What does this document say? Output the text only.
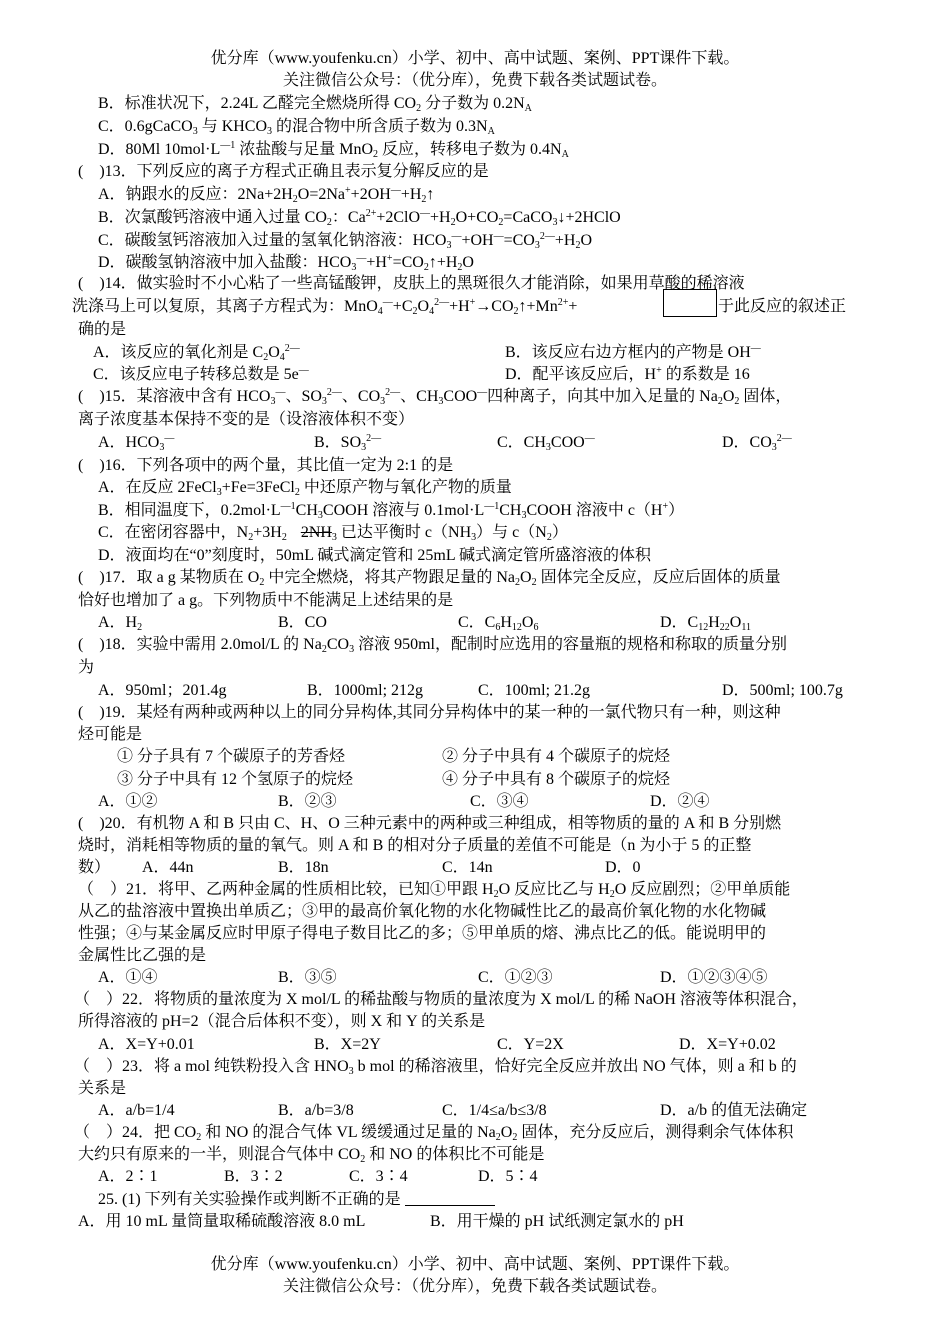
优分库（www.youfenku.cn）小学、初中、高中试题、案例、PPT课件下载。
关注微信公众号：（优分库），免费下载各类试题试卷。
B．标准状况下，2.24L 乙醛完全燃烧所得 $CO_2$ 分子数为 $0.2N_A$
C．0.6gCaCO$_3$ 与 $KHCO_3$ 的混合物中所含质子数为 $0.3N_A$
D．80Ml $10mol\cdot L^{—1}$ 浓盐酸与足量 MnO$_2$ 反应，转移电子数为 $0.4N_A$
(　)13．下列反应的离子方程式正确且表示复分解反应的是
A．钠跟水的反应：$2Na+2H_2O=2Na^++2OH^—+H_2↑$
B．次氯酸钙溶液中通入过量 $CO_2$：$Ca^{2+}+2ClO^—+H_2O+CO_2=CaCO_3↓+2HClO$
C．碳酸氢钙溶液加入过量的氢氧化钠溶液：$HCO_3^—+OH^—=CO_3^{2—}+H_2O$
D．碳酸氢钠溶液中加入盐酸：$HCO_3^—+H^+=CO_2↑+H_2O$
(　)14．做实验时不小心粘了一些高锰酸钾，皮肤上的黑斑很久才能消除，如果用草酸的稀溶液
洗涤马上可以复原，其离子方程式为：$MnO_4^—+C_2O_4^{2—}+H^+\to CO_2↑+Mn^{2+}+$	于此反应的叙述正
确的是
A．该反应的氧化剂是 $C_2O_4^{2—}$	B．该反应右边方框内的产物是 OH—
C．该反应电子转移总数是 5e—	D．配平该反应后，H+ 的系数是 16
(　)15．某溶液中含有 $HCO_3^—$、$SO_3^{2—}$、$CO_3^{2—}$、$CH_3COO^—$四种离子，向其中加入足量的 $Na_2O_2$ 固体，
离子浓度基本保持不变的是（设溶液体积不变）
A．$HCO_3^—$	B．$SO_3^{2—}$	C．$CH_3COO^—$	D．$CO_3^{2—}$
(　)16．下列各项中的两个量，其比值一定为 2:1 的是
A．在反应 2FeCl$_3$+Fe=3FeCl$_2$ 中还原产物与氧化产物的质量
B．相同温度下，$0.2mol\cdot L^{—1}CH_3COOH$ 溶液与 $0.1mol\cdot L^{—1}CH_3COOH$ 溶液中 c（H+）
C．在密闭容器中，$N_2+3H_2$ $2NH_3$ 已达平衡时 $c(NH_3)$与 $c(N_2)$
D．液面均在“0”刻度时，50mL 碱式滴定管和 25mL 碱式滴定管所盛溶液的体积
(　)17．取 a g 某物质在 $O_2$ 中完全燃烧，将其产物跟足量的 $Na_2O_2$ 固体完全反应，反应后固体的质量
恰好也增加了 a g。下列物质中不能满足上述结果的是
A．$H_2$	B．CO	C．$C_6H_{12}O_6$	D．$C_{12}H_{22}O_{11}$
(　)18．实验中需用 2.0mol/L 的 $Na_2CO_3$ 溶液 950ml，配制时应选用的容量瓶的规格和称取的质量分别
为
A．950ml；201.4g	B．1000ml; 212g	C．100ml; 21.2g	D．500ml; 100.7g
(　)19．某烃有两种或两种以上的同分异构体,其同分异构体中的某一种的一氯代物只有一种，则这种
烃可能是
① 分子具有 7 个碳原子的芳香烃	② 分子中具有 4 个碳原子的烷烃
③ 分子中具有 12 个氢原子的烷烃	④ 分子中具有 8 个碳原子的烷烃
A．①②	B．②③	C．③④	D．②④
(　)20．有机物 A 和 B 只由 C、H、O 三种元素中的两种或三种组成，相等物质的量的 A 和 B 分别燃
烧时，消耗相等物质的量的氧气。则 A 和 B 的相对分子质量的差值不可能是（n 为小于 5 的正整
数） A．44n	B．18n	C．14n	D．0
（　）21．将甲、乙两种金属的性质相比较，已知①甲跟 $H_2O$ 反应比乙与 $H_2O$ 反应剧烈；②甲单质能
从乙的盐溶液中置换出单质乙；③甲的最高价氧化物的水化物碱性比乙的最高价氧化物的水化物碱
性强；④与某金属反应时甲原子得电子数目比乙的多；⑤甲单质的熔、沸点比乙的低。能说明甲的
金属性比乙强的是
A．①④	B．③⑤	C．①②③	D．①②③④⑤
（　）22．将物质的量浓度为 X mol/L 的稀盐酸与物质的量浓度为 X mol/L 的稀 NaOH 溶液等体积混合，
所得溶液的 pH=2（混合后体积不变），则 X 和 Y 的关系是
A．X=Y+0.01	B．X=2Y	C．Y=2X	D．X=Y+0.02
（　）23．将 a mol 纯铁粉投入含 $HNO_3$ b mol 的稀溶液里，恰好完全反应并放出 NO 气体，则 a 和 b 的
关系是
A．a/b=1/4	B．a/b=3/8	C．1/4≤a/b≤3/8	D．a/b 的值无法确定
（　）24．把 $CO_2$ 和 NO 的混合气体 VL 缓缓通过足量的 $Na_2O_2$ 固体，充分反应后，测得剩余气体体积
大约只有原来的一半，则混合气体中 $CO_2$ 和 NO 的体积比不可能是
A．2∶1	B．3∶2	C．3∶4	D．5∶4
25. (1) 下列有关实验操作或判断不正确的是
A．用 10 mL 量筒量取稀硫酸溶液 8.0 mL	B．用干燥的 pH 试纸测定氯水的 pH
优分库（www.youfenku.cn）小学、初中、高中试题、案例、PPT课件下载。
关注微信公众号：（优分库），免费下载各类试题试卷。
